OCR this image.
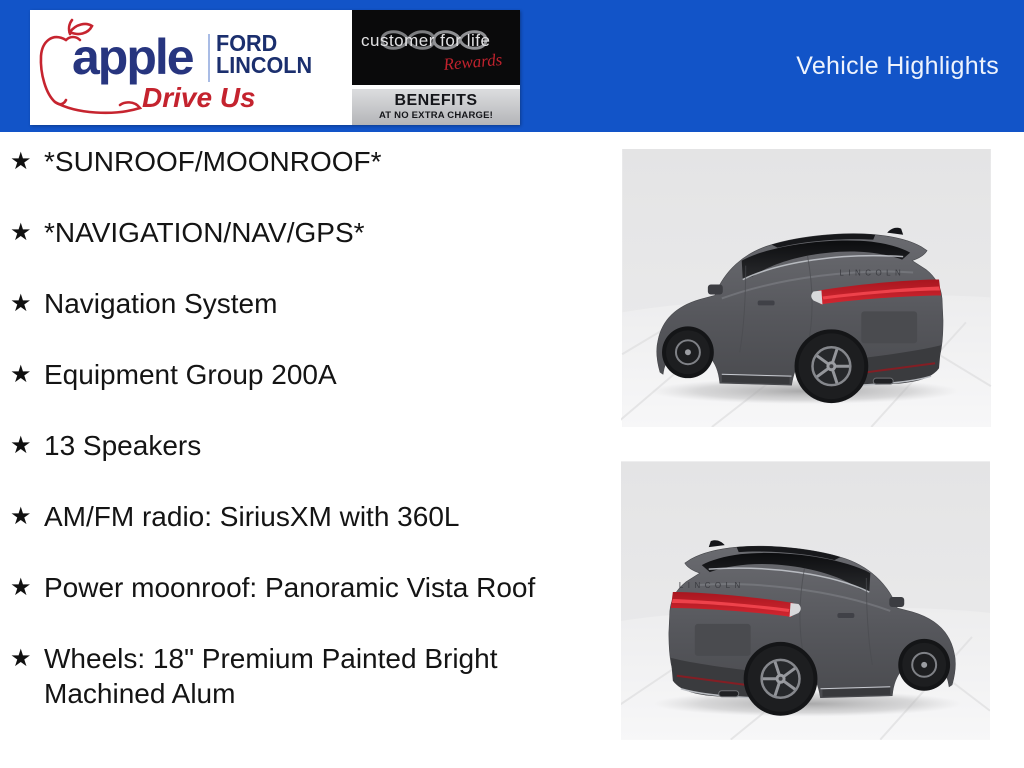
apple FORD
LINCOLN
Drive Us
customer for life
Rewards
BENEFITS
AT NO EXTRA CHARGE!
Vehicle Highlights
★ *SUNROOF/MOONROOF*
★ *NAVIGATION/NAV/GPS*
★ Navigation System
★ Equipment Group 200A
★ 13 Speakers
★ AM/FM radio: SiriusXM with 360L
★ Power moonroof: Panoramic Vista Roof
★ Wheels: 18" Premium Painted Bright Machined Alum
LINCOLN
LINCOLN
